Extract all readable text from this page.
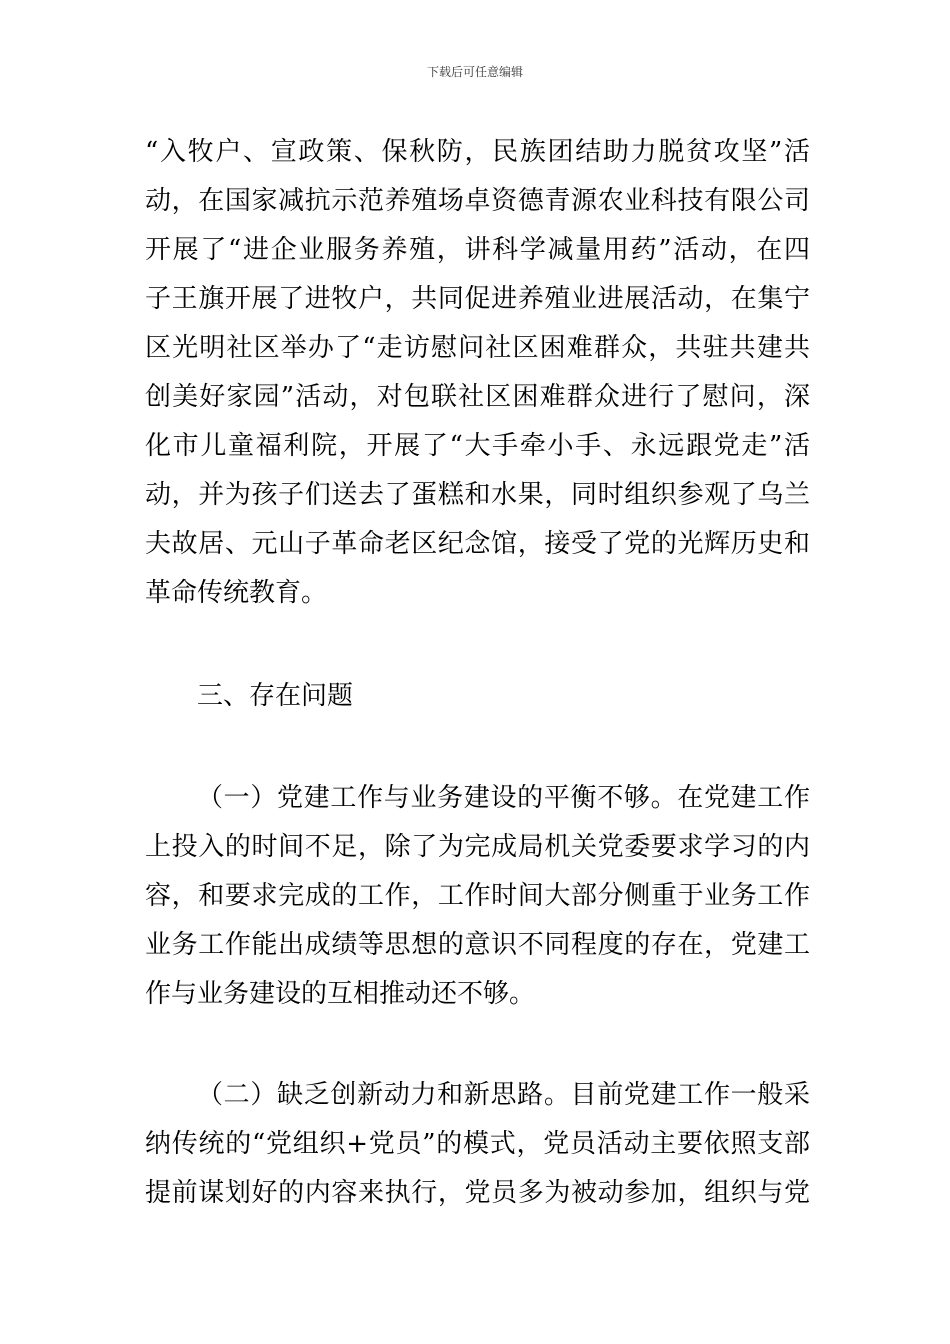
下载后可任意编辑
“入牧户、宣政策、保秋防，民族团结助力脱贫攻坚”活
动，在国家减抗示范养殖场卓资德青源农业科技有限公司
开展了“进企业服务养殖，讲科学减量用药”活动，在四
子王旗开展了进牧户，共同促进养殖业进展活动，在集宁
区光明社区举办了“走访慰问社区困难群众，共驻共建共
创美好家园”活动，对包联社区困难群众进行了慰问，深
化市儿童福利院，开展了“大手牵小手、永远跟党走”活
动，并为孩子们送去了蛋糕和水果，同时组织参观了乌兰
夫故居、元山子革命老区纪念馆，接受了党的光辉历史和
革命传统教育。
三、存在问题
（一）党建工作与业务建设的平衡不够。在党建工作
上投入的时间不足，除了为完成局机关党委要求学习的内
容，和要求完成的工作，工作时间大部分侧重于业务工作
业务工作能出成绩等思想的意识不同程度的存在，党建工
作与业务建设的互相推动还不够。
（二）缺乏创新动力和新思路。目前党建工作一般采
纳传统的“党组织+党员”的模式，党员活动主要依照支部
提前谋划好的内容来执行，党员多为被动参加，组织与党
